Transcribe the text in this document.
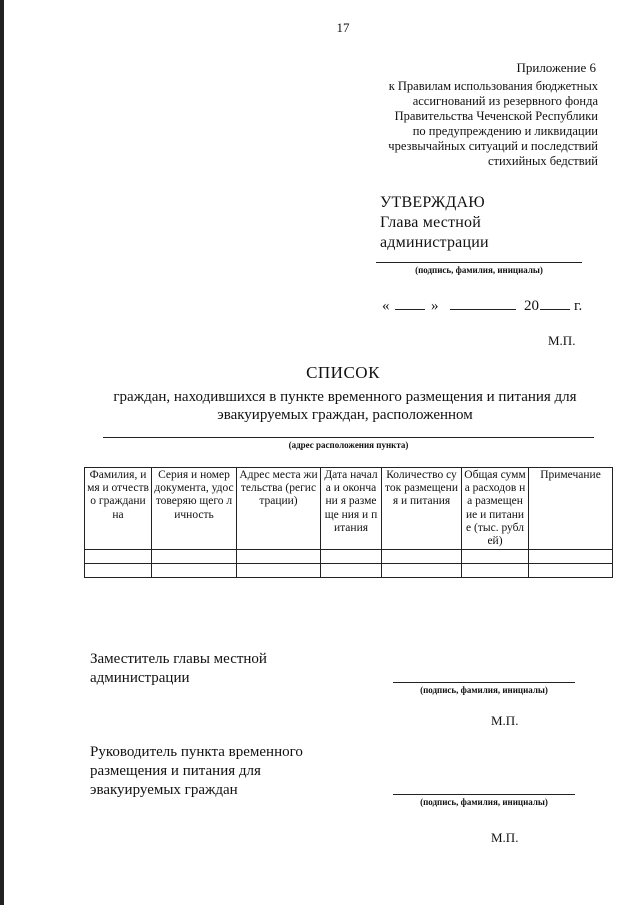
17
Приложение 6
к Правилам использования бюджетных
ассигнований из резервного фонда
Правительства Чеченской Республики
по предупреждению и ликвидации
чрезвычайных ситуаций и последствий
стихийных бедствий
УТВЕРЖДАЮ
Глава местной
администрации
(подпись, фамилия, инициалы)
«	»	20 г.
М.П.
СПИСОК
граждан, находившихся в пункте временного размещения и питания для
эвакуируемых граждан, расположенном
(адрес расположения пункта)
Фамилия, имя и отчество граждани на	Серия и номер документа, удостоверяю щего личность	Адрес места жительства (регистрации)	Дата начала и окончани я размеще ния и питания	Количество суток размещения и питания	Общая сумма расходов на размещен ие и питание (тыс. рублей)	Примечание

Заместитель главы местной
администрации
(подпись, фамилия, инициалы)
М.П.
Руководитель пункта временного
размещения и питания для
эвакуируемых граждан
(подпись, фамилия, инициалы)
М.П.
